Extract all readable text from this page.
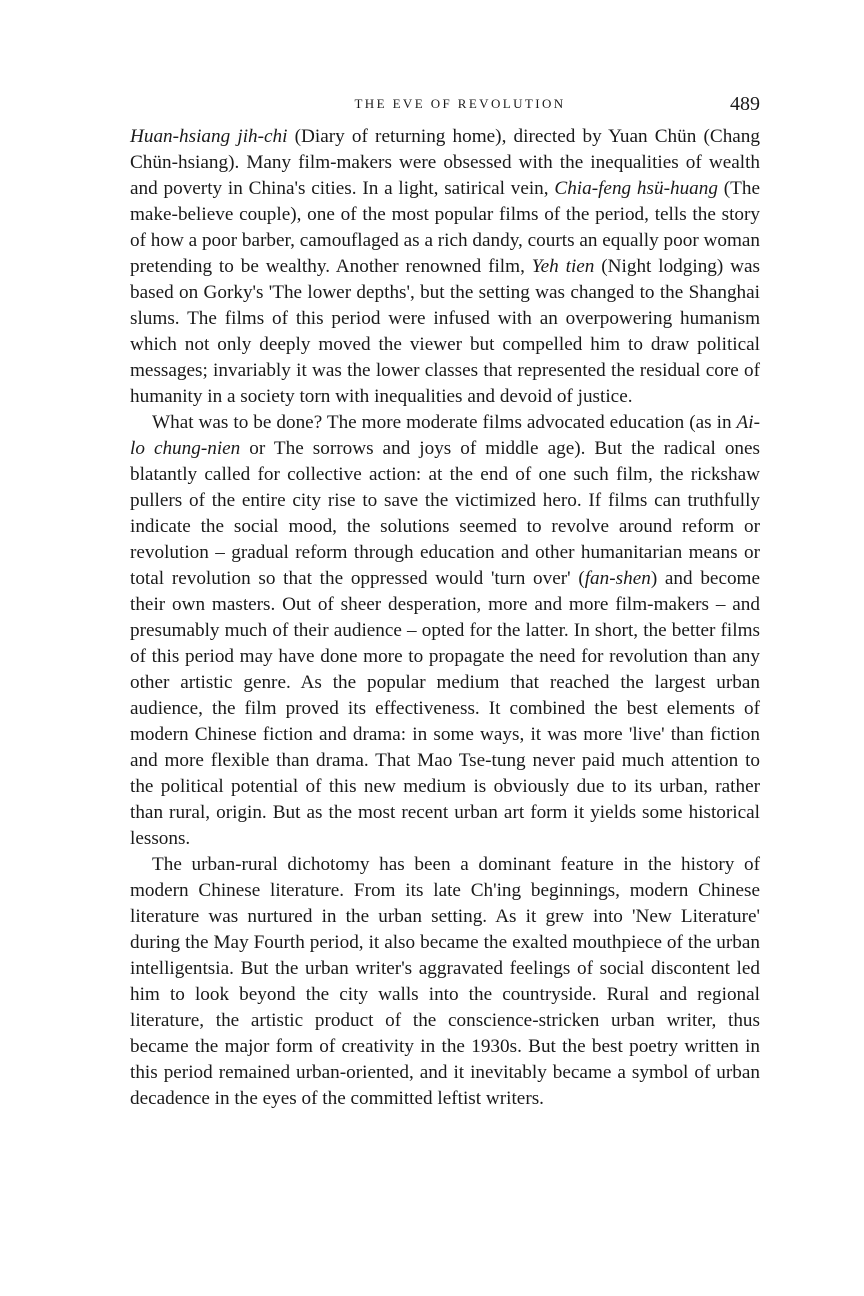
THE EVE OF REVOLUTION	489

Huan-hsiang jih-chi (Diary of returning home), directed by Yuan Chün (Chang Chün-hsiang). Many film-makers were obsessed with the inequalities of wealth and poverty in China's cities. In a light, satirical vein, Chia-feng hsü-huang (The make-believe couple), one of the most popular films of the period, tells the story of how a poor barber, camouflaged as a rich dandy, courts an equally poor woman pretending to be wealthy. Another renowned film, Yeh tien (Night lodging) was based on Gorky's 'The lower depths', but the setting was changed to the Shanghai slums. The films of this period were infused with an overpowering humanism which not only deeply moved the viewer but compelled him to draw political messages; invariably it was the lower classes that represented the residual core of humanity in a society torn with inequalities and devoid of justice.

What was to be done? The more moderate films advocated education (as in Ai-lo chung-nien or The sorrows and joys of middle age). But the radical ones blatantly called for collective action: at the end of one such film, the rickshaw pullers of the entire city rise to save the victimized hero. If films can truthfully indicate the social mood, the solutions seemed to revolve around reform or revolution – gradual reform through education and other humanitarian means or total revolution so that the oppressed would 'turn over' (fan-shen) and become their own masters. Out of sheer desperation, more and more film-makers – and presumably much of their audience – opted for the latter. In short, the better films of this period may have done more to propagate the need for revolution than any other artistic genre. As the popular medium that reached the largest urban audience, the film proved its effectiveness. It combined the best elements of modern Chinese fiction and drama: in some ways, it was more 'live' than fiction and more flexible than drama. That Mao Tse-tung never paid much attention to the political potential of this new medium is obviously due to its urban, rather than rural, origin. But as the most recent urban art form it yields some historical lessons.

The urban-rural dichotomy has been a dominant feature in the history of modern Chinese literature. From its late Ch'ing beginnings, modern Chinese literature was nurtured in the urban setting. As it grew into 'New Literature' during the May Fourth period, it also became the exalted mouthpiece of the urban intelligentsia. But the urban writer's aggravated feelings of social discontent led him to look beyond the city walls into the countryside. Rural and regional literature, the artistic product of the conscience-stricken urban writer, thus became the major form of creativity in the 1930s. But the best poetry written in this period remained urban-oriented, and it inevitably became a symbol of urban decadence in the eyes of the committed leftist writers.
